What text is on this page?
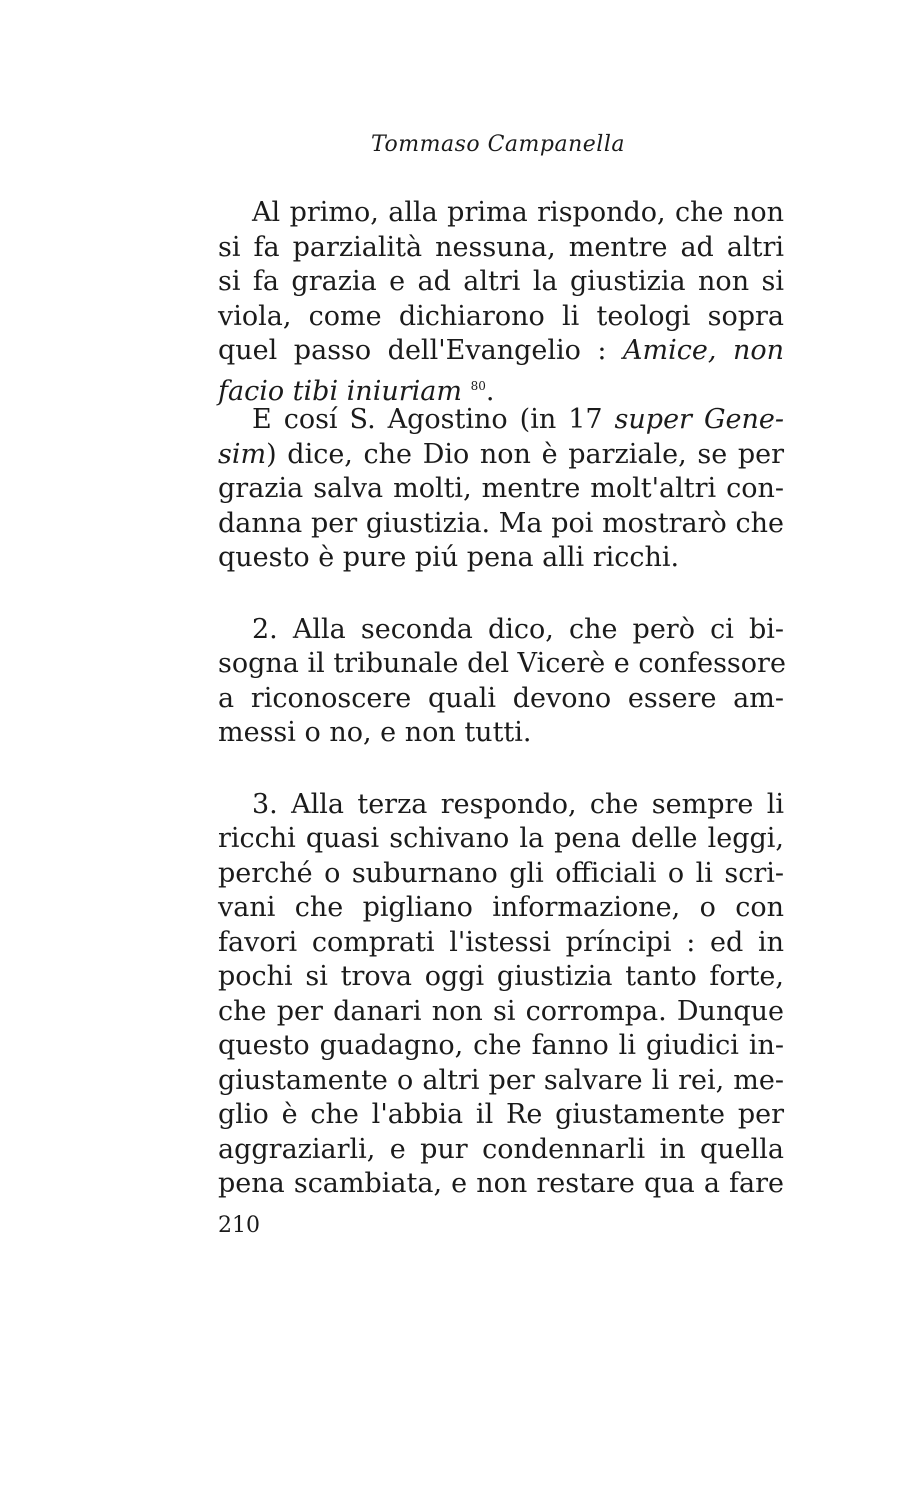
Tommaso Campanella
Al primo, alla prima rispondo, che non
si fa parzialità nessuna, mentre ad altri
si fa grazia e ad altri la giustizia non si
viola, come dichiarono li teologi sopra
quel passo dell'Evangelio : Amice, non
facio tibi iniuriam $^{80}$.
E cosí S. Agostino (in 17 super Gene-
sim) dice, che Dio non è parziale, se per
grazia salva molti, mentre molt'altri con-
danna per giustizia. Ma poi mostrarò che
questo è pure piú pena alli ricchi.
2. Alla seconda dico, che però ci bi-
sogna il tribunale del Vicerè e confessore
a riconoscere quali devono essere am-
messi o no, e non tutti.
3. Alla terza respondo, che sempre li
ricchi quasi schivano la pena delle leggi,
perché o suburnano gli officiali o li scri-
vani che pigliano informazione, o con
favori comprati l'istessi príncipi : ed in
pochi si trova oggi giustizia tanto forte,
che per danari non si corrompa. Dunque
questo guadagno, che fanno li giudici in-
giustamente o altri per salvare li rei, me-
glio è che l'abbia il Re giustamente per
aggraziarli, e pur condennarli in quella
pena scambiata, e non restare qua a fare
210
